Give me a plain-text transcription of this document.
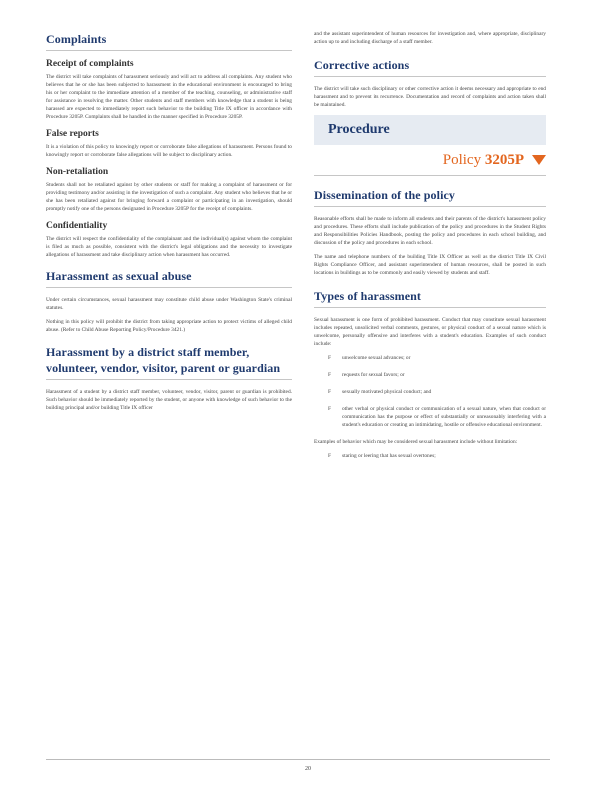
Complaints
Receipt of complaints

The district will take complaints of harassment seriously and will act to address all complaints. Any student who believes that he or she has been subjected to harassment in the educational environment is encouraged to bring his or her complaint to the immediate attention of a member of the teaching, counseling, or administrative staff for assistance in resolving the matter. Other students and staff members with knowledge that a student is being harassed are expected to immediately report such behavior to the building Title IX officer in accordance with Procedure 3205P. Complaints shall be handled in the manner specified in Procedure 3205P.

False reports

It is a violation of this policy to knowingly report or corroborate false allegations of harassment. Persons found to knowingly report or corroborate false allegations will be subject to disciplinary action.

Non-retaliation

Students shall not be retaliated against by other students or staff for making a complaint of harassment or for providing testimony and/or assisting in the investigation of such a complaint. Any student who believes that he or she has been retaliated against for bringing forward a complaint or participating in an investigation, should promptly notify one of the persons designated in Procedure 3205P for the receipt of complaints.

Confidentiality

The district will respect the confidentiality of the complainant and the individual(s) against whom the complaint is filed as much as possible, consistent with the district's legal obligations and the necessity to investigate allegations of harassment and take disciplinary action when harassment has occurred.

Harassment as sexual abuse

Under certain circumstances, sexual harassment may constitute child abuse under Washington State's criminal statutes.

Nothing in this policy will prohibit the district from taking appropriate action to protect victims of alleged child abuse. (Refer to Child Abuse Reporting Policy/Procedure 3421.)

Harassment by a district staff member, volunteer, vendor, visitor, parent or guardian

Harassment of a student by a district staff member, volunteer, vendor, visitor, parent or guardian is prohibited. Such behavior should be immediately reported by the student, or anyone with knowledge of such behavior to the building principal and/or building Title IX officer

and the assistant superintendent of human resources for investigation and, where appropriate, disciplinary action up to and including discharge of a staff member.

Corrective actions

The district will take such disciplinary or other corrective action it deems necessary and appropriate to end harassment and to prevent its recurrence. Documentation and record of complaints and action taken shall be maintained.

Procedure
Policy 3205P
Dissemination of the policy

Reasonable efforts shall be made to inform all students and their parents of the district's harassment policy and procedures. These efforts shall include publication of the policy and procedures in the Student Rights and Responsibilities Policies Handbook, posting the policy and procedures in each school building, and discussion of the policy and procedures in each school.

The name and telephone numbers of the building Title IX Officer as well as the district Title IX Civil Rights Compliance Officer, and assistant superintendent of human resources, shall be posted in such locations in buildings as to be commonly and easily viewed by students and staff.

Types of harassment

Sexual harassment is one form of prohibited harassment. Conduct that may constitute sexual harassment includes repeated, unsolicited verbal comments, gestures, or physical conduct of a sexual nature which is unwelcome, personally offensive and interferes with a student's education. Examples of such conduct include:

F	unwelcome sexual advances; or
F	requests for sexual favors; or
F	sexually motivated physical conduct; and
F	other verbal or physical conduct or communication of a sexual nature, when that conduct or communication has the purpose or effect of substantially or unreasonably interfering with a student's education or creating an intimidating, hostile or offensive educational environment.

Examples of behavior which may be considered sexual harassment include without limitation:

F	staring or leering that has sexual overtones;
20
